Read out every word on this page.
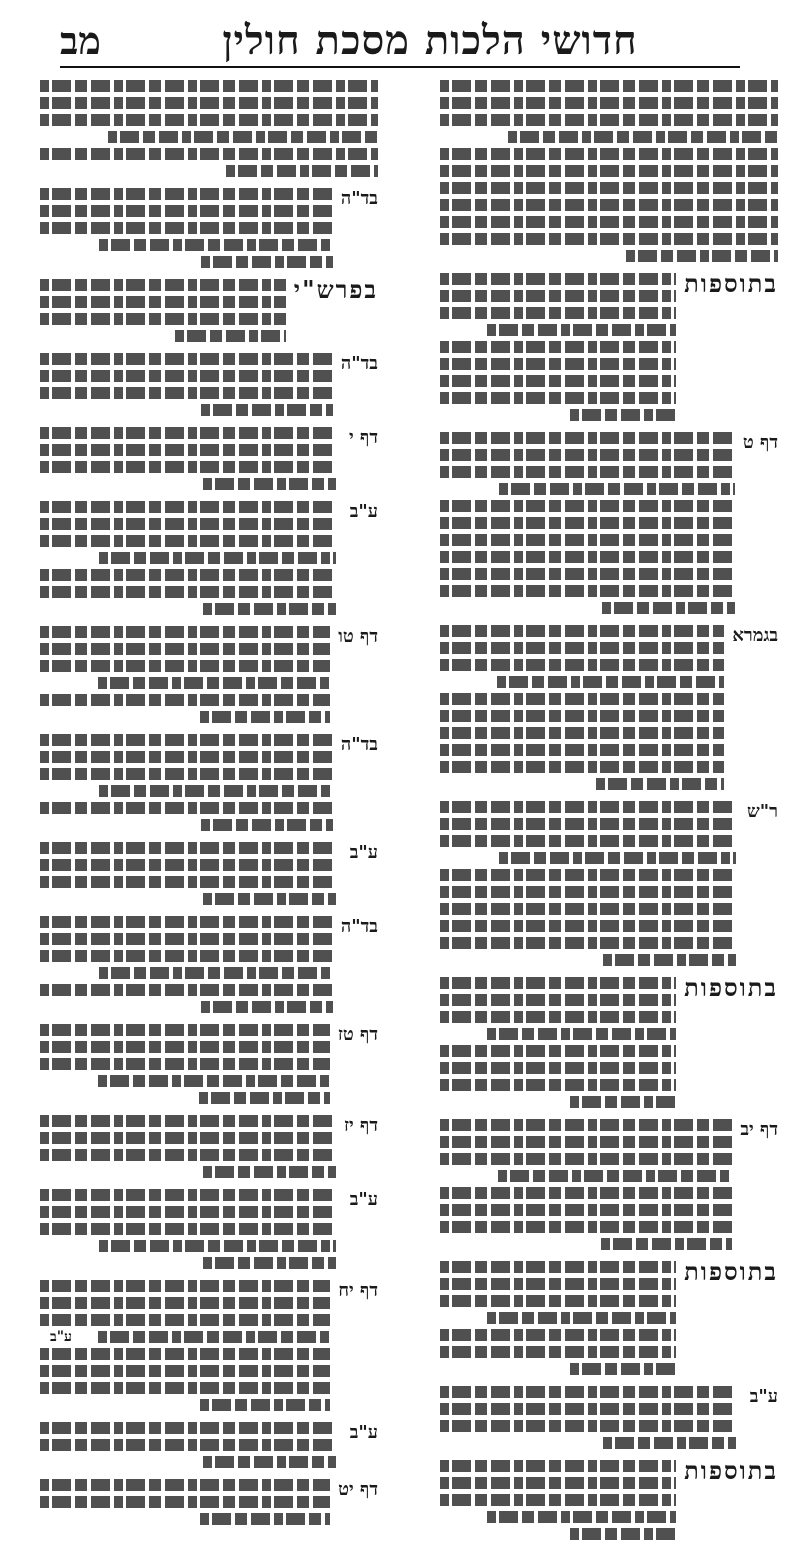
מב	חדושי הלכות מסכת חולין
בתוספות
דף ט
בגמרא
ר"ש
בתוספות
דף יב
בתוספות
ע"ב
בתוספות
בד"ה
בפרש"י
בד"ה
דף י
ע"ב
דף טו
בד"ה
ע"ב
בד"ה
דף טז
דף יז
ע"ב
דף יח
ע"ב
דף יט
ע"ב
